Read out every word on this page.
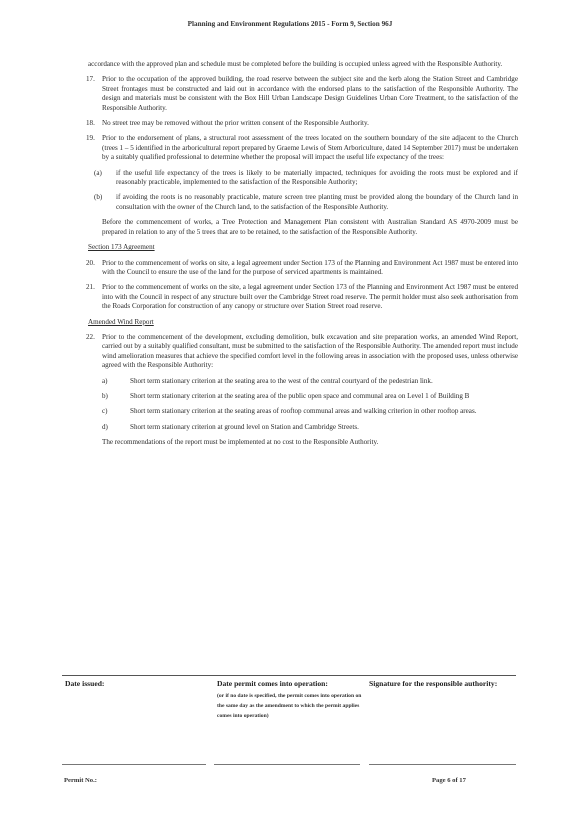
Planning and Environment Regulations 2015 - Form 9, Section 96J

accordance with the approved plan and schedule must be completed before the building is occupied unless agreed with the Responsible Authority.

17. Prior to the occupation of the approved building, the road reserve between the subject site and the kerb along the Station Street and Cambridge Street frontages must be constructed and laid out in accordance with the endorsed plans to the satisfaction of the Responsible Authority. The design and materials must be consistent with the Box Hill Urban Landscape Design Guidelines Urban Core Treatment, to the satisfaction of the Responsible Authority.

18. No street tree may be removed without the prior written consent of the Responsible Authority.

19. Prior to the endorsement of plans, a structural root assessment of the trees located on the southern boundary of the site adjacent to the Church (trees 1 – 5 identified in the arboricultural report prepared by Graeme Lewis of Stem Arboriculture, dated 14 September 2017) must be undertaken by a suitably qualified professional to determine whether the proposal will impact the useful life expectancy of the trees:

(a) if the useful life expectancy of the trees is likely to be materially impacted, techniques for avoiding the roots must be explored and if reasonably practicable, implemented to the satisfaction of the Responsible Authority;

(b) if avoiding the roots is no reasonably practicable, mature screen tree planting must be provided along the boundary of the Church land in consultation with the owner of the Church land, to the satisfaction of the Responsible Authority.

Before the commencement of works, a Tree Protection and Management Plan consistent with Australian Standard AS 4970-2009 must be prepared in relation to any of the 5 trees that are to be retained, to the satisfaction of the Responsible Authority.

Section 173 Agreement

20. Prior to the commencement of works on site, a legal agreement under Section 173 of the Planning and Environment Act 1987 must be entered into with the Council to ensure the use of the land for the purpose of serviced apartments is maintained.

21. Prior to the commencement of works on the site, a legal agreement under Section 173 of the Planning and Environment Act 1987 must be entered into with the Council in respect of any structure built over the Cambridge Street road reserve. The permit holder must also seek authorisation from the Roads Corporation for construction of any canopy or structure over Station Street road reserve.

Amended Wind Report

22. Prior to the commencement of the development, excluding demolition, bulk excavation and site preparation works, an amended Wind Report, carried out by a suitably qualified consultant, must be submitted to the satisfaction of the Responsible Authority. The amended report must include wind amelioration measures that achieve the specified comfort level in the following areas in association with the proposed uses, unless otherwise agreed with the Responsible Authority:

a)	Short term stationary criterion at the seating area to the west of the central courtyard of the pedestrian link.

b)	Short term stationary criterion at the seating area of the public open space and communal area on Level 1 of Building B

c)	Short term stationary criterion at the seating areas of rooftop communal areas and walking criterion in other rooftop areas.

d)	Short term stationary criterion at ground level on Station and Cambridge Streets.

The recommendations of the report must be implemented at no cost to the Responsible Authority.

Date issued:	Date permit comes into operation:
(or if no date is specified, the permit comes into operation on the same day as the amendment to which the permit applies comes into operation)
Signature for the responsible authority:
Permit No.:	Page 6 of 17
